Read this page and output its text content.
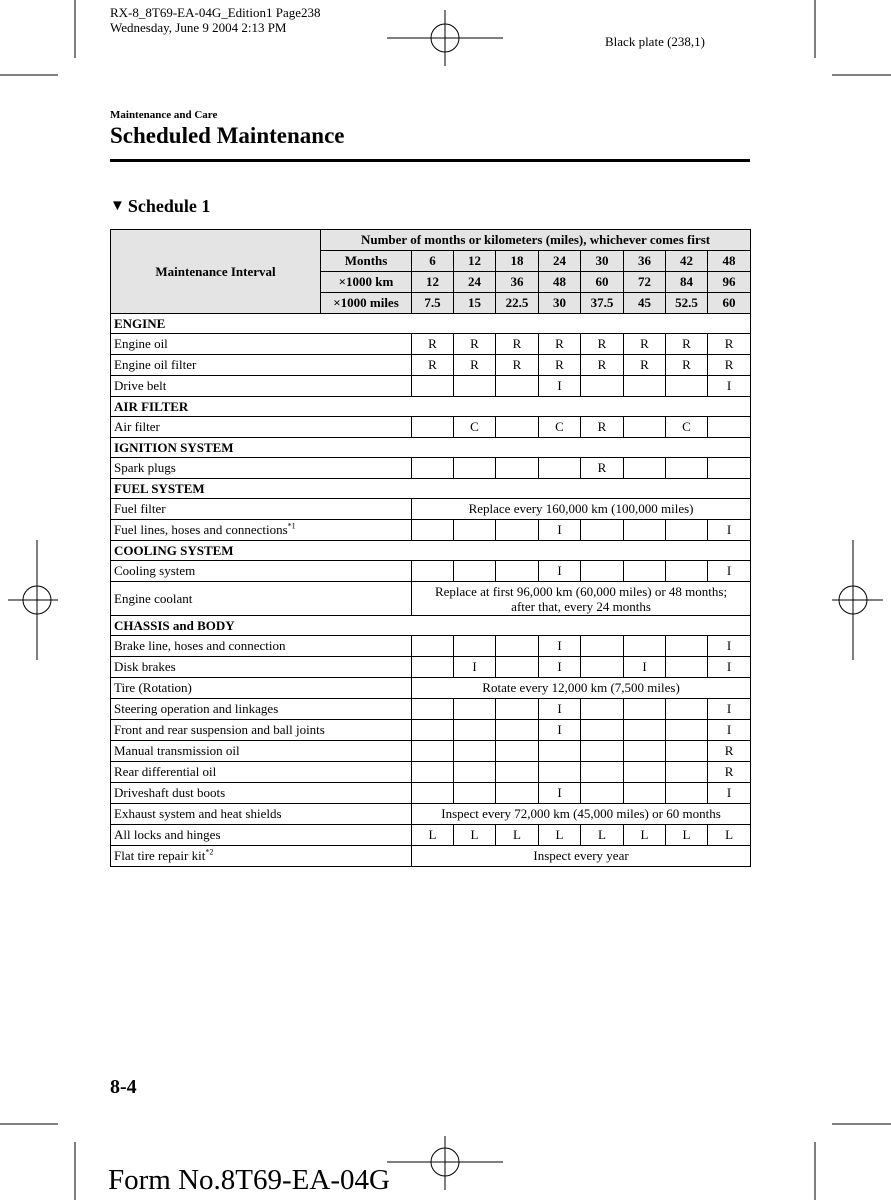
RX-8_8T69-EA-04G_Edition1 Page238
Wednesday, June 9 2004 2:13 PM
Black plate (238,1)
Maintenance and Care
Scheduled Maintenance
▼ Schedule 1
Maintenance Interval	Number of months or kilometers (miles), whichever comes first								
	Months	6	12	18	24	30	36	42	48
	×1000 km	12	24	36	48	60	72	84	96
	×1000 miles	7.5	15	22.5	30	37.5	45	52.5	60
ENGINE									
Engine oil		R	R	R	R	R	R	R	R
Engine oil filter		R	R	R	R	R	R	R	R
Drive belt					I				I
AIR FILTER									
Air filter			C		C	R		C	
IGNITION SYSTEM									
Spark plugs						R			
FUEL SYSTEM									
Fuel filter		Replace every 160,000 km (100,000 miles)							
Fuel lines, hoses and connections$^{*1}$					I				I
COOLING SYSTEM									
Cooling system					I				I
Engine coolant		Replace at first 96,000 km (60,000 miles) or 48 months;
after that, every 24 months							
CHASSIS and BODY									
Brake line, hoses and connection					I				I
Disk brakes			I		I		I		I
Tire (Rotation)		Rotate every 12,000 km (7,500 miles)							
Steering operation and linkages					I				I
Front and rear suspension and ball joints					I				I
Manual transmission oil									R
Rear differential oil									R
Driveshaft dust boots					I				I
Exhaust system and heat shields		Inspect every 72,000 km (45,000 miles) or 60 months							
All locks and hinges		L	L	L	L	L	L	L	L
Flat tire repair kit$^{*2}$		Inspect every year							
8-4
Form No.8T69-EA-04G
